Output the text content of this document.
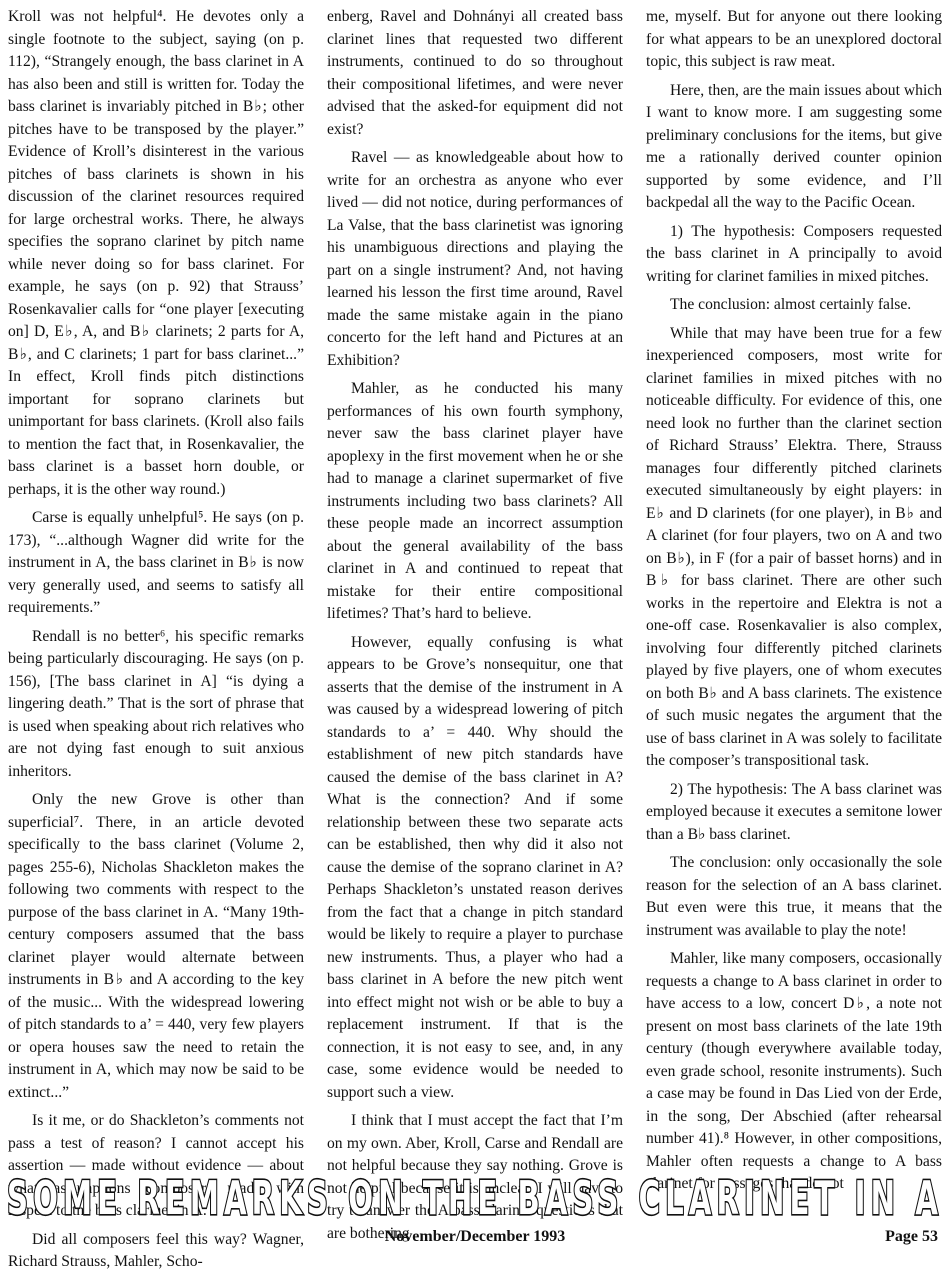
Kroll was not helpful⁴. He devotes only a single footnote to the subject, saying (on p. 112), “Strangely enough, the bass clarinet in A has also been and still is written for. Today the bass clarinet is invariably pitched in B♭; other pitches have to be transposed by the player.” Evidence of Kroll’s disinterest in the various pitches of bass clarinets is shown in his discussion of the clarinet resources required for large orchestral works. There, he always specifies the soprano clarinet by pitch name while never doing so for bass clarinet. For example, he says (on p. 92) that Strauss’ Rosenkavalier calls for “one player [executing on] D, E♭, A, and B♭ clarinets; 2 parts for A, B♭, and C clarinets; 1 part for bass clarinet...” In effect, Kroll finds pitch distinctions important for soprano clarinets but unimportant for bass clarinets. (Kroll also fails to mention the fact that, in Rosenkavalier, the bass clarinet is a basset horn double, or perhaps, it is the other way round.)

Carse is equally unhelpful⁵. He says (on p. 173), “...although Wagner did write for the instrument in A, the bass clarinet in B♭ is now very generally used, and seems to satisfy all requirements.”

Rendall is no better⁶, his specific remarks being particularly discouraging. He says (on p. 156), [The bass clarinet in A] “is dying a lingering death.” That is the sort of phrase that is used when speaking about rich relatives who are not dying fast enough to suit anxious inheritors.

Only the new Grove is other than superficial⁷. There, in an article devoted specifically to the bass clarinet (Volume 2, pages 255-6), Nicholas Shackleton makes the following two comments with respect to the purpose of the bass clarinet in A. “Many 19th-century composers assumed that the bass clarinet player would alternate between instruments in B♭ and A according to the key of the music... With the widespread lowering of pitch standards to a’ = 440, very few players or opera houses saw the need to retain the instrument in A, which may now be said to be extinct...”

Is it me, or do Shackleton’s comments not pass a test of reason? I cannot accept his assertion — made without evidence — about what assumptions composers made with respect to the bass clarinet in A.

Did all composers feel this way? Wagner, Richard Strauss, Mahler, Scho-

enberg, Ravel and Dohnányi all created bass clarinet lines that requested two different instruments, continued to do so throughout their compositional lifetimes, and were never advised that the asked-for equipment did not exist?

Ravel — as knowledgeable about how to write for an orchestra as anyone who ever lived — did not notice, during performances of La Valse, that the bass clarinetist was ignoring his unambiguous directions and playing the part on a single instrument? And, not having learned his lesson the first time around, Ravel made the same mistake again in the piano concerto for the left hand and Pictures at an Exhibition?

Mahler, as he conducted his many performances of his own fourth symphony, never saw the bass clarinet player have apoplexy in the first movement when he or she had to manage a clarinet supermarket of five instruments including two bass clarinets? All these people made an incorrect assumption about the general availability of the bass clarinet in A and continued to repeat that mistake for their entire compositional lifetimes? That’s hard to believe.

However, equally confusing is what appears to be Grove’s nonsequitur, one that asserts that the demise of the instrument in A was caused by a widespread lowering of pitch standards to a’ = 440. Why should the establishment of new pitch standards have caused the demise of the bass clarinet in A? What is the connection? And if some relationship between these two separate acts can be established, then why did it also not cause the demise of the soprano clarinet in A? Perhaps Shackleton’s unstated reason derives from the fact that a change in pitch standard would be likely to require a player to purchase new instruments. Thus, a player who had a bass clarinet in A before the new pitch went into effect might not wish or be able to buy a replacement instrument. If that is the connection, it is not easy to see, and, in any case, some evidence would be needed to support such a view.

I think that I must accept the fact that I’m on my own. Aber, Kroll, Carse and Rendall are not helpful because they say nothing. Grove is not helpful because it is unclear. I will have to try to answer the A bass clarinet questions that are bothering

me, myself. But for anyone out there looking for what appears to be an unexplored doctoral topic, this subject is raw meat.

Here, then, are the main issues about which I want to know more. I am suggesting some preliminary conclusions for the items, but give me a rationally derived counter opinion supported by some evidence, and I’ll backpedal all the way to the Pacific Ocean.

1) The hypothesis: Composers requested the bass clarinet in A principally to avoid writing for clarinet families in mixed pitches.

The conclusion: almost certainly false.

While that may have been true for a few inexperienced composers, most write for clarinet families in mixed pitches with no noticeable difficulty. For evidence of this, one need look no further than the clarinet section of Richard Strauss’ Elektra. There, Strauss manages four differently pitched clarinets executed simultaneously by eight players: in E♭ and D clarinets (for one player), in B♭ and A clarinet (for four players, two on A and two on B♭), in F (for a pair of basset horns) and in B♭ for bass clarinet. There are other such works in the repertoire and Elektra is not a one-off case. Rosenkavalier is also complex, involving four differently pitched clarinets played by five players, one of whom executes on both B♭ and A bass clarinets. The existence of such music negates the argument that the use of bass clarinet in A was solely to facilitate the composer’s transpositional task.

2) The hypothesis: The A bass clarinet was employed because it executes a semitone lower than a B♭ bass clarinet.

The conclusion: only occasionally the sole reason for the selection of an A bass clarinet. But even were this true, it means that the instrument was available to play the note!

Mahler, like many composers, occasionally requests a change to A bass clarinet in order to have access to a low, concert D♭, a note not present on most bass clarinets of the late 19th century (though everywhere available today, even grade school, resonite instruments). Such a case may be found in Das Lied von der Erde, in the song, Der Abschied (after rehearsal number 41).⁸ However, in other compositions, Mahler often requests a change to A bass clarinet for passages that do not

SOME REMARKS ON THE BASS CLARINET IN A
November/December 1993	Page 53
